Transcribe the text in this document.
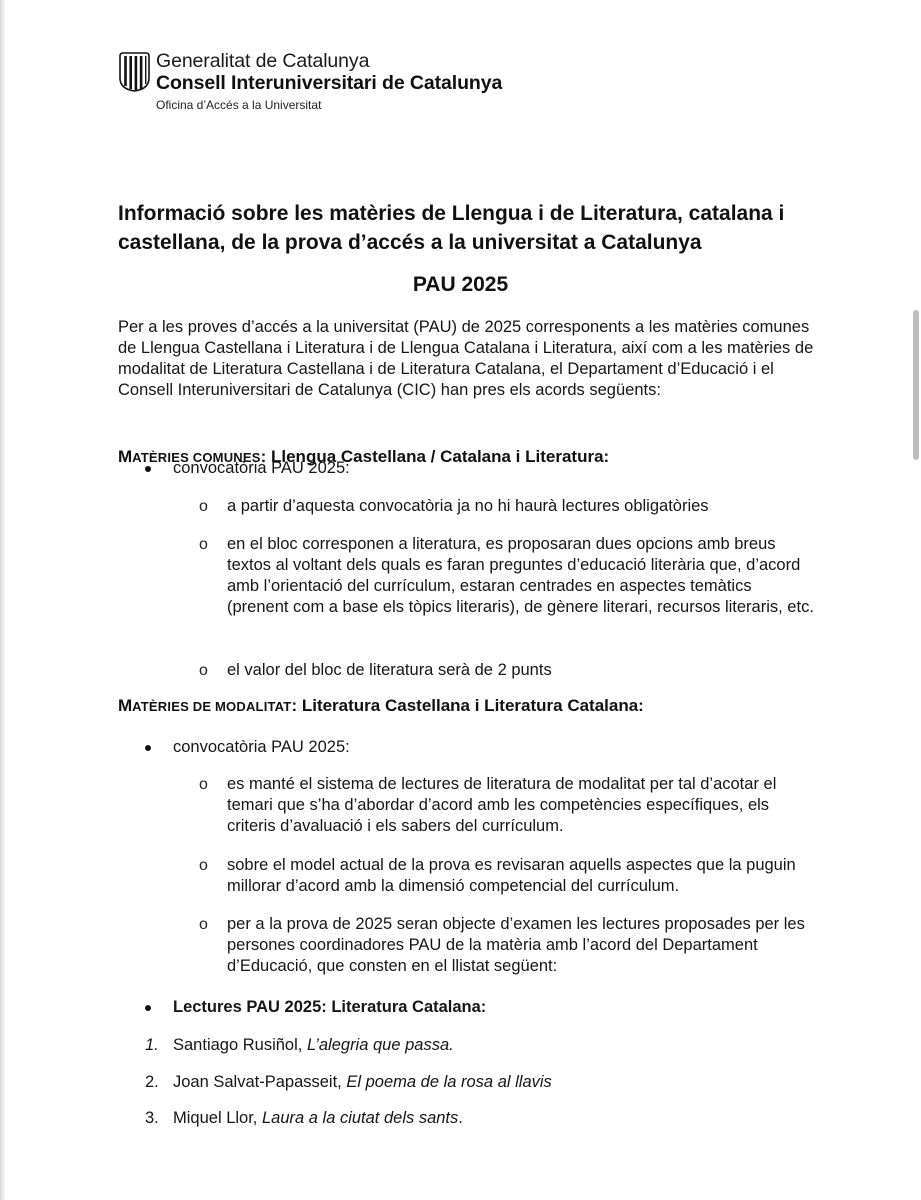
Generalitat de Catalunya
Consell Interuniversitari de Catalunya
Oficina d’Accés a la Universitat
Informació sobre les matèries de Llengua i de Literatura, catalana i castellana, de la prova d’accés a la universitat a Catalunya
PAU 2025

Per a les proves d’accés a la universitat (PAU) de 2025 corresponents a les matèries comunes de Llengua Castellana i Literatura i de Llengua Catalana i Literatura, així com a les matèries de modalitat de Literatura Castellana i de Literatura Catalana, el Departament d’Educació i el Consell Interuniversitari de Catalunya (CIC) han pres els acords següents:

MATÈRIES COMUNES: Llengua Castellana / Catalana i Literatura:
convocatòria PAU 2025:
o a partir d’aquesta convocatòria ja no hi haurà lectures obligatòries

o en el bloc corresponen a literatura, es proposaran dues opcions amb breus textos al voltant dels quals es faran preguntes d’educació literària que, d’acord amb l’orientació del currículum, estaran centrades en aspectes temàtics (prenent com a base els tòpics literaris), de gènere literari, recursos literaris, etc.

o el valor del bloc de literatura serà de 2 punts

MATÈRIES DE MODALITAT: Literatura Castellana i Literatura Catalana:
convocatòria PAU 2025:
o es manté el sistema de lectures de literatura de modalitat per tal d’acotar el temari que s’ha d’abordar d’acord amb les competències específiques, els criteris d’avaluació i els sabers del currículum.

o sobre el model actual de la prova es revisaran aquells aspectes que la puguin millorar d’acord amb la dimensió competencial del currículum.

o per a la prova de 2025 seran objecte d’examen les lectures proposades per les persones coordinadores PAU de la matèria amb l’acord del Departament d’Educació, que consten en el llistat següent:

Lectures PAU 2025: Literatura Catalana:
1. Santiago Rusiñol, L’alegria que passa.
2. Joan Salvat-Papasseit, El poema de la rosa al llavis
3. Miquel Llor, Laura a la ciutat dels sants.
